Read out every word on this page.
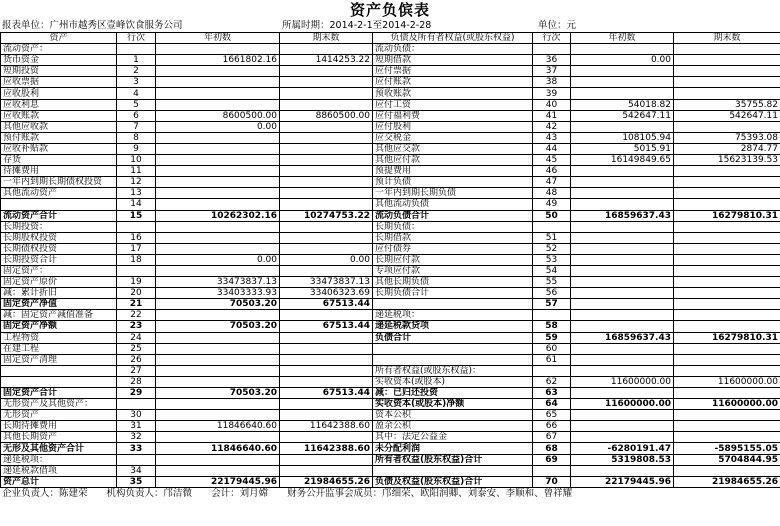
资产负傧表
报表单位：广州市越秀区壹峰饮食服务公司	所属时期：2014-2-1至2014-2-28	单位：元
资产	行次	年初数	期末数	负债及所有者权益(或股东权益)	行次	年初数	期末数
流动资产：				流动负债：			
货币资金	1	1661802.16	1414253.22	短期借款	36	0.00	
短期投资	2			应付票据	37		
应收票据	3			应付账款	38		
应收股利	4			预收账款	39		
应收利息	5			应付工资	40	54018.82	35755.82
应收账款	6	8600500.00	8860500.00	应付福利费	41	542647.11	542647.11
其他应收款	7	0.00		应付股利	42		
预付账款	8			应交税金	43	108105.94	75393.08
应收补贴款	9			其他应交款	44	5015.91	2874.77
存货	10			其他应付款	45	16149849.65	15623139.53
待摊费用	11			预提费用	46		
一年内到期长期债权投资	12			预计负债	47		
其他流动资产	13			一年内到期长期负债	48		
	14			其他流动负债	49		
流动资产合计	15	10262302.16	10274753.22	流动负债合计	50	16859637.43	16279810.31
长期投资：				长期负债：			
长期股权投资	16			长期借款	51		
长期债权投资	17			应付债券	52		
长期投资合计	18	0.00	0.00	长期应付款	53		
固定资产：				专项应付款	54		
固定资产原价	19	33473837.13	33473837.13	其他长期负债	55		
减：累计折旧	20	33403333.93	33406323.69	长期负债合计	56		
固定资产净值	21	70503.20	67513.44		57		
减：固定资产减值准备	22			递延税项：			
固定资产净额	23	70503.20	67513.44	递延税款贷项	58		
工程物资	24			负债合计	59	16859637.43	16279810.31
在建工程	25				60		
固定资产清理	26				61		
	27			所有者权益(或股东权益)：			
	28			实收资本(或股本)	62	11600000.00	11600000.00
固定资产合计	29	70503.20	67513.44	减：已归还投资	63		
无形资产及其他资产：				实收资本(或股本)净额	64	11600000.00	11600000.00
无形资产	30			资本公积	65		
长期待摊费用	31	11846640.60	11642388.60	盈余公积	66		
其他长期资产	32			其中：法定公益金	67		
无形及其他资产合计	33	11846640.60	11642388.60	未分配利润	68	-6280191.47	-5895155.05
递延税项：				所有者权益(股东权益)合计	69	5319808.53	5704844.95
递延税款借项	34						
资产总计	35	22179445.96	21984655.26	负债及权益(股东权益)合计	70	22179445.96	21984655.26
企业负责人：陈建荣 机构负责人：邝洁微 会计：刘月嫦 财务公开监事会成员：邝细荣、欧阳润卿、刘泰安、李顺和、曾祥耀
